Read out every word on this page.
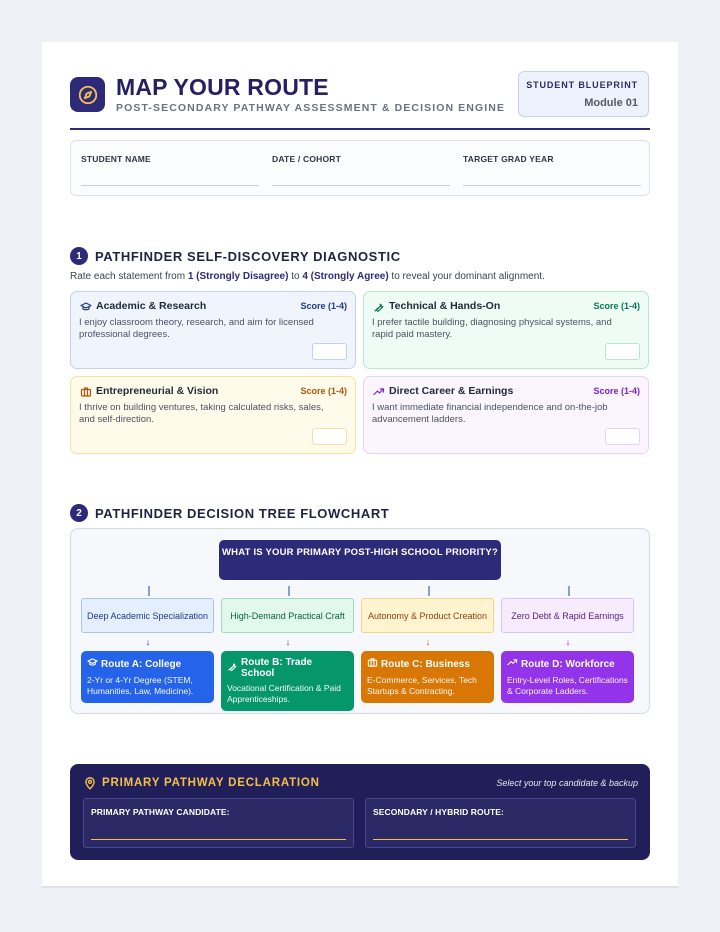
MAP YOUR ROUTE
POST-SECONDARY PATHWAY ASSESSMENT & DECISION ENGINE
STUDENT BLUEPRINT
Module 01
STUDENT NAME	DATE / COHORT	TARGET GRAD YEAR
1	PATHFINDER SELF-DISCOVERY DIAGNOSTIC
Rate each statement from 1 (Strongly Disagree) to 4 (Strongly Agree) to reveal your dominant alignment.
Academic & Research	Score (1-4)
I enjoy classroom theory, research, and aim for licensed professional degrees.
Technical & Hands-On	Score (1-4)
I prefer tactile building, diagnosing physical systems, and rapid paid mastery.
Entrepreneurial & Vision	Score (1-4)
I thrive on building ventures, taking calculated risks, sales, and self-direction.
Direct Career & Earnings	Score (1-4)
I want immediate financial independence and on-the-job advancement ladders.
2	PATHFINDER DECISION TREE FLOWCHART
WHAT IS YOUR PRIMARY POST-HIGH SCHOOL PRIORITY?
Deep Academic Specialization
↓
Route A: College
2-Yr or 4-Yr Degree (STEM, Humanities, Law, Medicine).
High-Demand Practical Craft
↓
Route B: Trade School
Vocational Certification & Paid Apprenticeships.
Autonomy & Product Creation
↓
Route C: Business
E-Commerce, Services, Tech Startups & Contracting.
Zero Debt & Rapid Earnings
↓
Route D: Workforce
Entry-Level Roles, Certifications & Corporate Ladders.
PRIMARY PATHWAY DECLARATION	Select your top candidate & backup
PRIMARY PATHWAY CANDIDATE:	SECONDARY / HYBRID ROUTE:
